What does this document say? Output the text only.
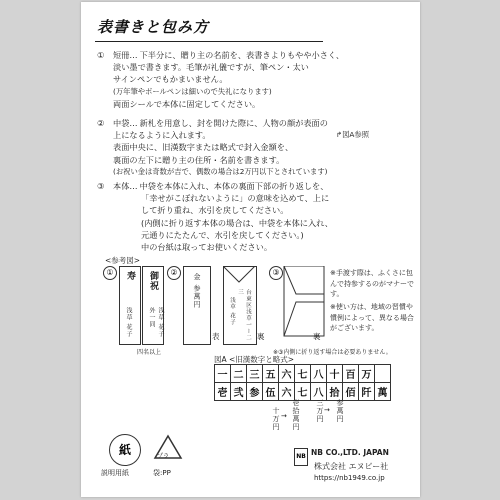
表書きと包み方
①	短冊… 下半分に、贈り主の名前を、表書きよりもやや小さく、
淡い墨で書きます。毛筆が礼儀ですが、筆ペン・太い
サインペンでもかまいません。
(万年筆やボールペンは細いので失礼になります)
両面シールで本体に固定してください。
②	中袋… 新札を用意し、封を開けた際に、人物の顔が表面の
上になるように入れます。	↱図A参照
表面中央に、旧漢数字または略式で封入金額を、
裏面の左下に贈り主の住所・名前を書きます。
(お祝い金は奇数が吉で、偶数の場合は2万円以下とされています)
③	本体… 中袋を本体に入れ、本体の裏面下部の折り返しを、
「幸せがこぼれないように」の意味を込めて、上に
して折り重ね、水引を戻してください。
(内側に折り返す本体の場合は、中袋を本体に入れ、
元通りにたたんで、水引を戻してください。)
中の台紙は取ってお使いください。
<参考図>
①	寿
浅草 花子
御祝
浅草 花子 外一同
四名以上
②
金 参萬円
表	台東区浅草一ー二三
浅草 花子
裏
③
裏
※③内側に折り返す場合は必要ありません。
※手渡す際は、ふくさに包んで持参するのがマナーです。
※使い方は、地域の習慣や慣例によって、異なる場合がございます。
図A <旧漢数字と略式>
一	二	三	五	六	七	八	十	百	万	
壱	弐	参	伍	六	七	八	拾	佰	阡	萬
十万円 → 壱拾萬円 三万円 → 参萬円
紙
説明用紙
プラ
袋:PP
NB NB CO.,LTD. JAPAN
株式会社 エヌビー社
https://nb1949.co.jp
